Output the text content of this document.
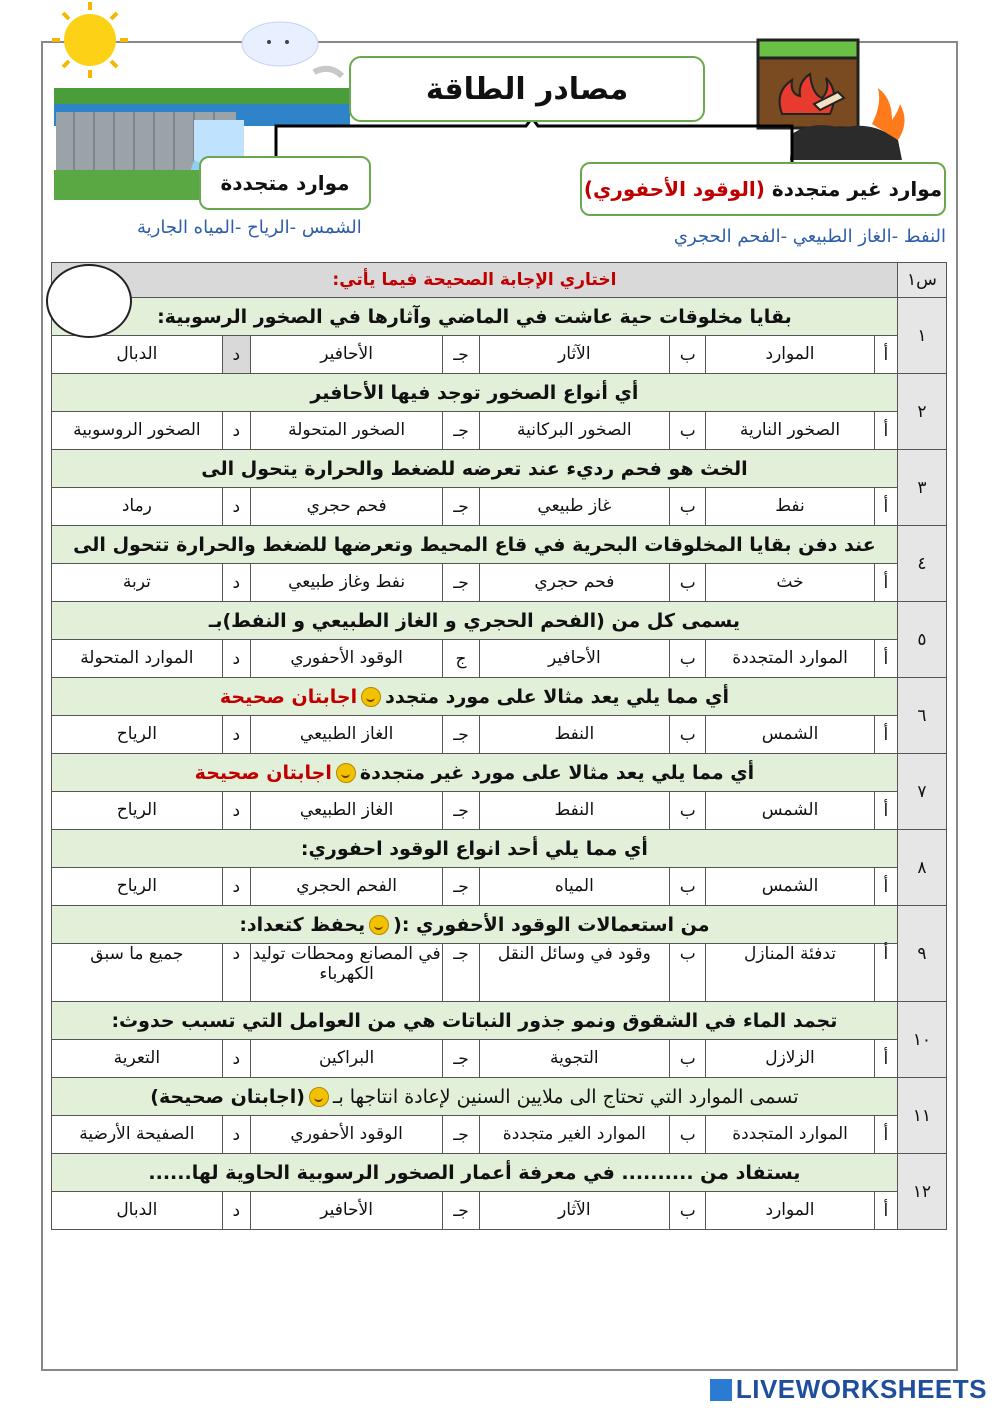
مصادر الطاقة
موارد متجددة	موارد غير متجددة

(الوقود الأحفوري)
الشمس -الرياح -المياه الجارية	النفط -الغاز الطبيعي -الفحم الحجري
س١	اختاري الإجابة الصحيحة فيما يأتي:							
١	بقايا مخلوقات حية عاشت في الماضي وآثارها في الصخور الرسوبية:							
	أ	الموارد	ب	الآثار	جـ	الأحافير	د	الدبال
٢	أي أنواع الصخور توجد فيها الأحافير							
	أ	الصخور النارية	ب	الصخور البركانية	جـ	الصخور المتحولة	د	الصخور الروسوبية
٣	الخث هو فحم رديء عند تعرضه للضغط والحرارة يتحول الى							
	أ	نفط	ب	غاز طبيعي	جـ	فحم حجري	د	رماد
٤	عند دفن بقايا المخلوقات البحرية في قاع المحيط وتعرضها للضغط والحرارة تتحول الى							
	أ	خث	ب	فحم حجري	جـ	نفط وغاز طبيعي	د	تربة
٥	يسمى كل من (الفحم الحجري و الغاز الطبيعي و النفط)بـ							
	أ	الموارد المتجددة	ب	الأحافير	ج	الوقود الأحفوري	د	الموارد المتحولة
٦	أي مما يلي يعد مثالا على مورد متجدداجابتان صحيحة							
	أ	الشمس	ب	النفط	جـ	الغاز الطبيعي	د	الرياح
٧	أي مما يلي يعد مثالا على مورد غير متجددةاجابتان صحيحة							
	أ	الشمس	ب	النفط	جـ	الغاز الطبيعي	د	الرياح
٨	أي مما يلي أحد انواع الوقود احفوري:							
	أ	الشمس	ب	المياه	جـ	الفحم الحجري	د	الرياح
٩	من استعمالات الوقود الأحفوري :(يحفظ كتعداد:							
	أ	تدفئة المنازل	ب	وقود في وسائل النقل	جـ	في المصانع ومحطات توليد الكهرباء	د	جميع ما سبق
١٠	تجمد الماء في الشقوق ونمو جذور النباتات هي من العوامل التي تسبب حدوث:							
	أ	الزلازل	ب	التجوية	جـ	البراكين	د	التعرية
١١	تسمى الموارد التي تحتاج الى ملايين السنين لإعادة انتاجها بـ(اجابتان صحيحة)							
	أ	الموارد المتجددة	ب	الموارد الغير متجددة	جـ	الوقود الأحفوري	د	الصفيحة الأرضية
١٢	يستفاد من .......... في معرفة أعمار الصخور الرسوبية الحاوية لها......							
	أ	الموارد	ب	الآثار	جـ	الأحافير	د	الدبال
LIVEWORKSHEETS
